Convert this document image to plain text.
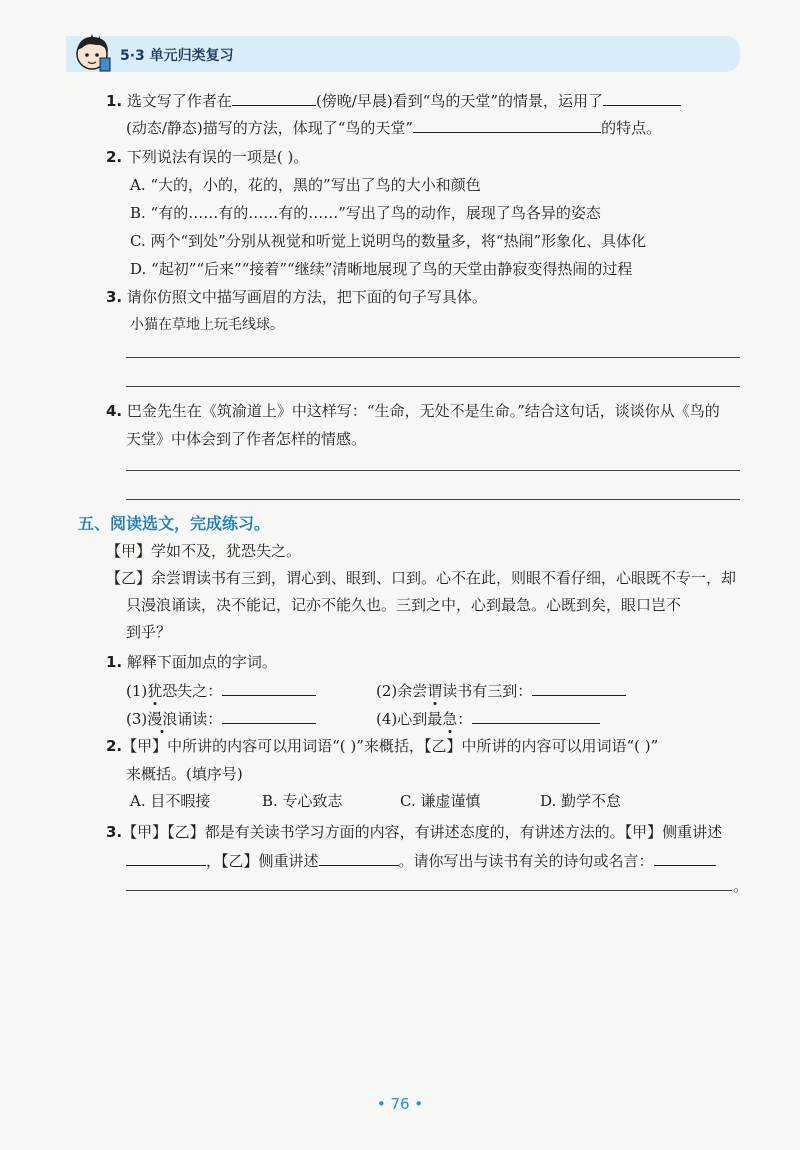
5·3 单元归类复习
1. 选文写了作者在	(傍晚/早晨)看到“鸟的天堂”的情景，运用了
(动态/静态)描写的方法，体现了“鸟的天堂”	的特点。
2. 下列说法有误的一项是( )。
A. “大的，小的，花的，黑的”写出了鸟的大小和颜色
B. “有的……有的……有的……”写出了鸟的动作，展现了鸟各异的姿态
C. 两个“到处”分别从视觉和听觉上说明鸟的数量多，将“热闹”形象化、具体化
D. “起初”“后来”“接着”“继续”清晰地展现了鸟的天堂由静寂变得热闹的过程
3. 请你仿照文中描写画眉的方法，把下面的句子写具体。
小猫在草地上玩毛线球。
4. 巴金先生在《筑渝道上》中这样写：“生命，无处不是生命。”结合这句话，谈谈你从《鸟的
天堂》中体会到了作者怎样的情感。
五、阅读选文，完成练习。
【甲】学如不及，犹恐失之。
【乙】余尝谓读书有三到，谓心到、眼到、口到。心不在此，则眼不看仔细，心眼既不专一，却
只漫浪诵读，决不能记，记亦不能久也。三到之中，心到最急。心既到矣，眼口岂不
到乎？
1. 解释下面加点的字词。
(1)犹恐失之：	(2)余尝谓读书有三到：
(3)漫浪诵读：	(4)心到最急：
2.【甲】中所讲的内容可以用词语“( )”来概括，【乙】中所讲的内容可以用词语“( )”
来概括。(填序号)
A. 目不暇接	B. 专心致志	C. 谦虚谨慎	D. 勤学不怠
3.【甲】【乙】都是有关读书学习方面的内容，有讲述态度的，有讲述方法的。【甲】侧重讲述
，【乙】侧重讲述	。请你写出与读书有关的诗句或名言：
。
• 76 •
